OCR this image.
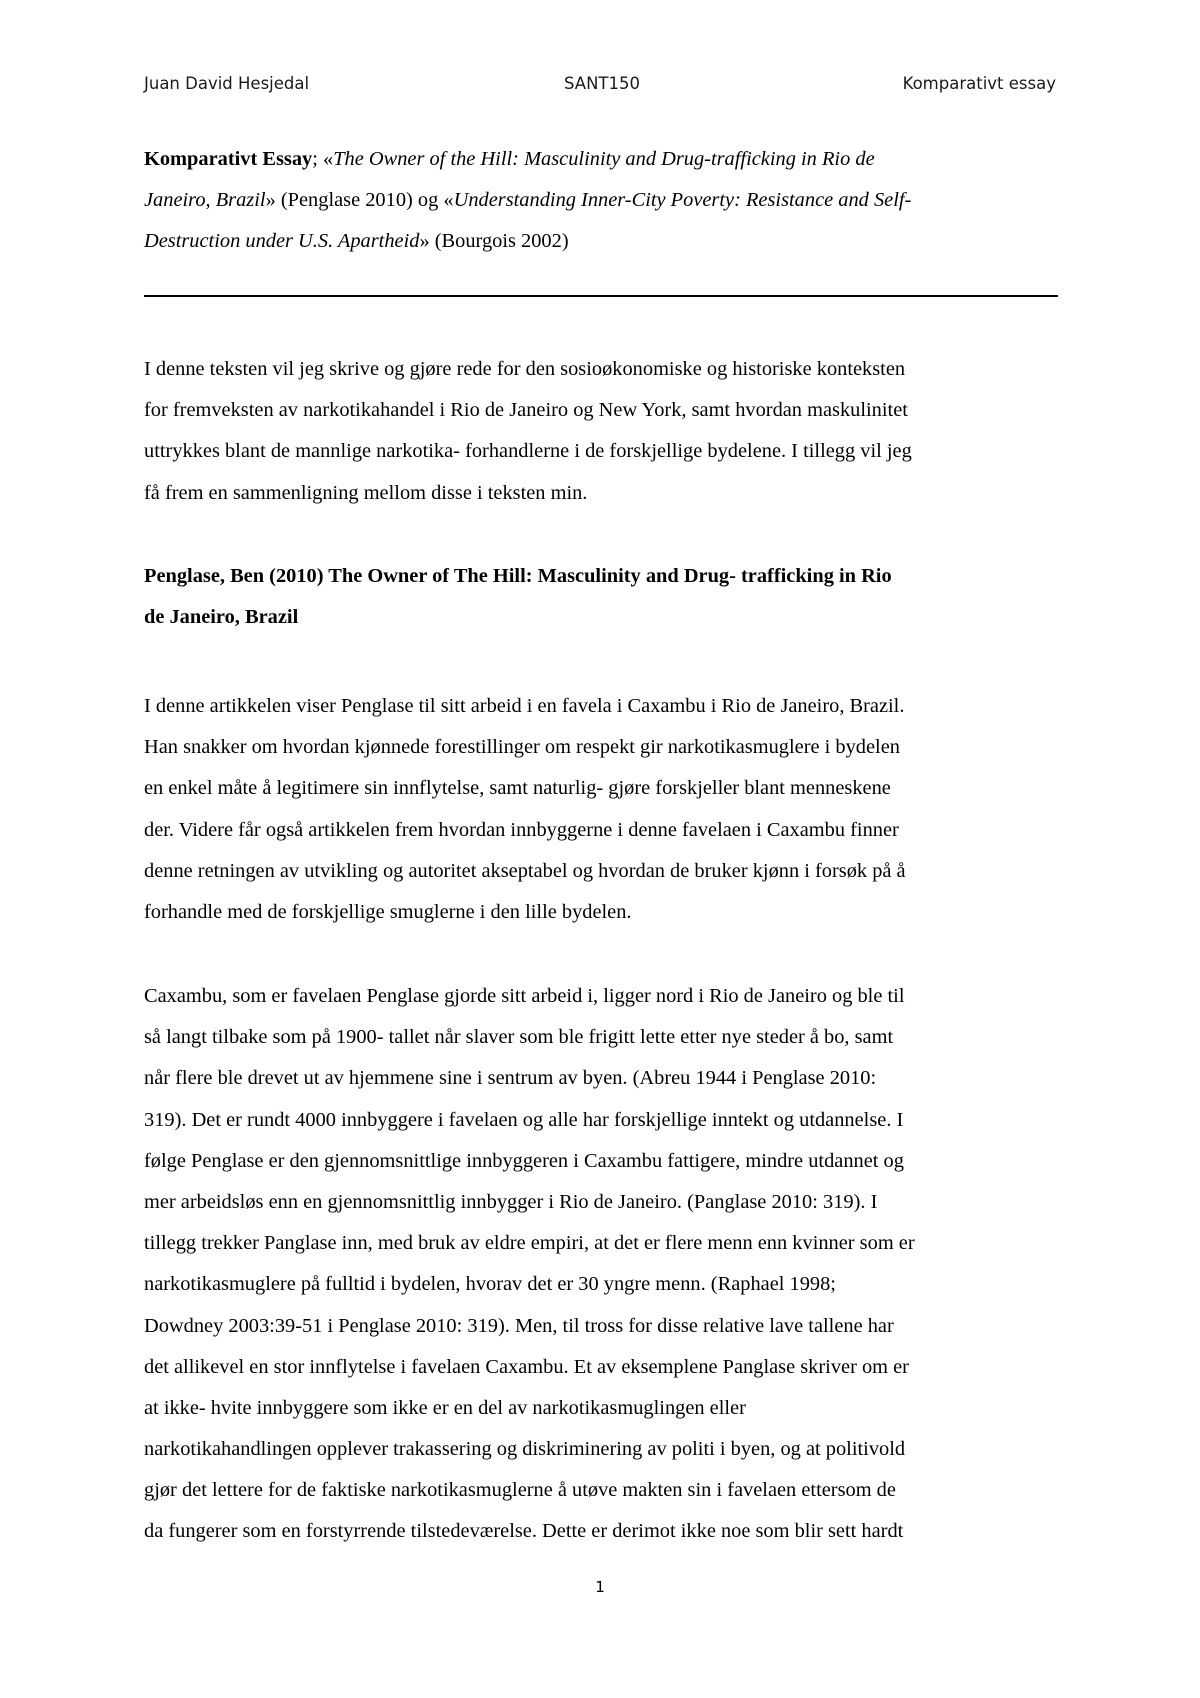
Juan David Hesjedal	SANT150	Komparativt essay
Komparativt Essay; «The Owner of the Hill: Masculinity and Drug-trafficking in Rio de
Janeiro, Brazil» (Penglase 2010) og «Understanding Inner-City Poverty: Resistance and Self-
Destruction under U.S. Apartheid» (Bourgois 2002)
I denne teksten vil jeg skrive og gjøre rede for den sosioøkonomiske og historiske konteksten
for fremveksten av narkotikahandel i Rio de Janeiro og New York, samt hvordan maskulinitet
uttrykkes blant de mannlige narkotika- forhandlerne i de forskjellige bydelene. I tillegg vil jeg
få frem en sammenligning mellom disse i teksten min.
Penglase, Ben (2010) The Owner of The Hill: Masculinity and Drug- trafficking in Rio
de Janeiro, Brazil
I denne artikkelen viser Penglase til sitt arbeid i en favela i Caxambu i Rio de Janeiro, Brazil.
Han snakker om hvordan kjønnede forestillinger om respekt gir narkotikasmuglere i bydelen
en enkel måte å legitimere sin innflytelse, samt naturlig- gjøre forskjeller blant menneskene
der. Videre får også artikkelen frem hvordan innbyggerne i denne favelaen i Caxambu finner
denne retningen av utvikling og autoritet akseptabel og hvordan de bruker kjønn i forsøk på å
forhandle med de forskjellige smuglerne i den lille bydelen.
Caxambu, som er favelaen Penglase gjorde sitt arbeid i, ligger nord i Rio de Janeiro og ble til
så langt tilbake som på 1900- tallet når slaver som ble frigitt lette etter nye steder å bo, samt
når flere ble drevet ut av hjemmene sine i sentrum av byen. (Abreu 1944 i Penglase 2010:
319). Det er rundt 4000 innbyggere i favelaen og alle har forskjellige inntekt og utdannelse. I
følge Penglase er den gjennomsnittlige innbyggeren i Caxambu fattigere, mindre utdannet og
mer arbeidsløs enn en gjennomsnittlig innbygger i Rio de Janeiro. (Panglase 2010: 319). I
tillegg trekker Panglase inn, med bruk av eldre empiri, at det er flere menn enn kvinner som er
narkotikasmuglere på fulltid i bydelen, hvorav det er 30 yngre menn. (Raphael 1998;
Dowdney 2003:39-51 i Penglase 2010: 319). Men, til tross for disse relative lave tallene har
det allikevel en stor innflytelse i favelaen Caxambu. Et av eksemplene Panglase skriver om er
at ikke- hvite innbyggere som ikke er en del av narkotikasmuglingen eller
narkotikahandlingen opplever trakassering og diskriminering av politi i byen, og at politivold
gjør det lettere for de faktiske narkotikasmuglerne å utøve makten sin i favelaen ettersom de
da fungerer som en forstyrrende tilstedeværelse. Dette er derimot ikke noe som blir sett hardt
1
